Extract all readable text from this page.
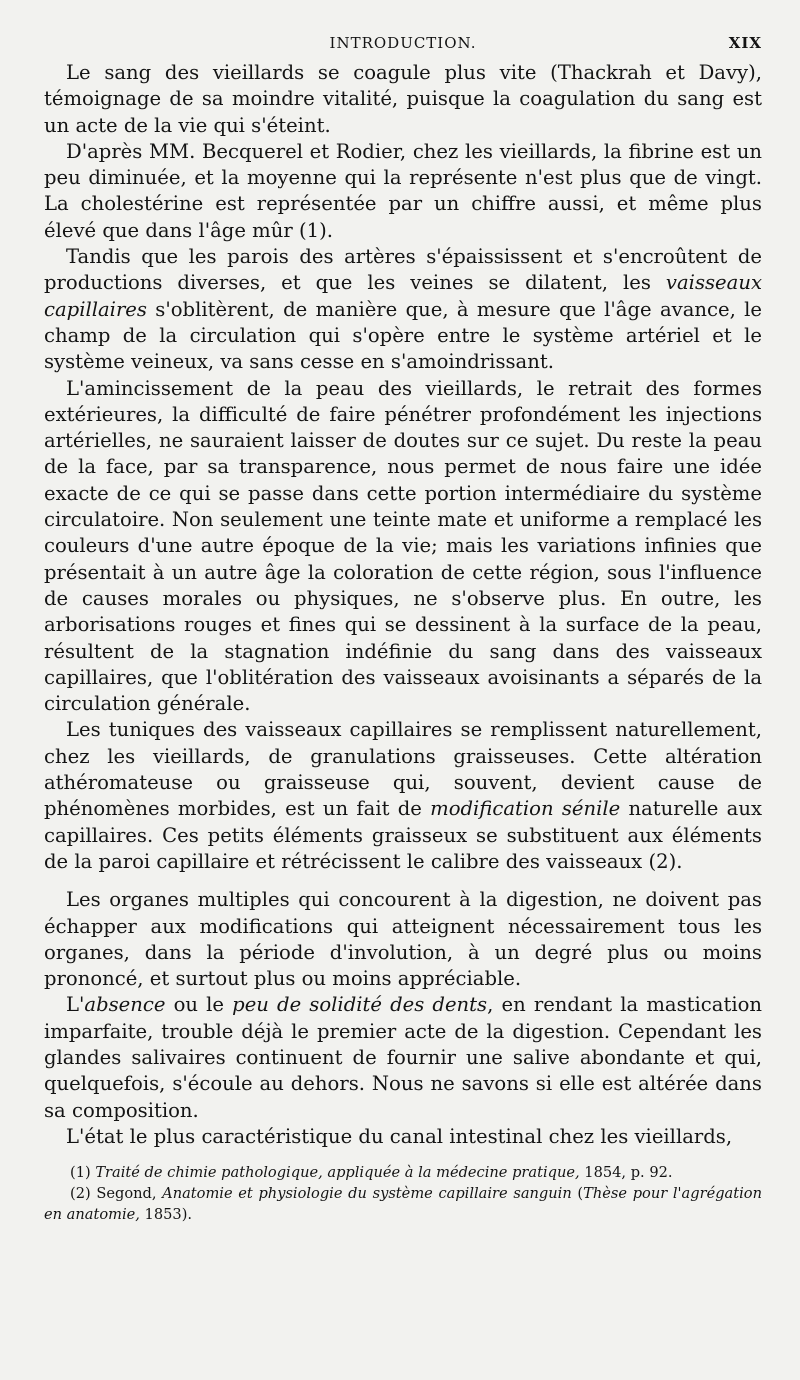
INTRODUCTION.	XIX

Le sang des vieillards se coagule plus vite (Thackrah et Davy), témoignage de sa moindre vitalité, puisque la coagulation du sang est un acte de la vie qui s'éteint.

D'après MM. Becquerel et Rodier, chez les vieillards, la fibrine est un peu diminuée, et la moyenne qui la représente n'est plus que de vingt. La cholestérine est représentée par un chiffre aussi, et même plus élevé que dans l'âge mûr (1).

Tandis que les parois des artères s'épaississent et s'encroûtent de productions diverses, et que les veines se dilatent, les vaisseaux capillaires s'oblitèrent, de manière que, à mesure que l'âge avance, le champ de la circulation qui s'opère entre le système artériel et le système veineux, va sans cesse en s'amoindrissant.

L'amincissement de la peau des vieillards, le retrait des formes extérieures, la difficulté de faire pénétrer profondément les injections artérielles, ne sauraient laisser de doutes sur ce sujet. Du reste la peau de la face, par sa transparence, nous permet de nous faire une idée exacte de ce qui se passe dans cette portion intermédiaire du système circulatoire. Non seulement une teinte mate et uniforme a remplacé les couleurs d'une autre époque de la vie; mais les variations infinies que présentait à un autre âge la coloration de cette région, sous l'influence de causes morales ou physiques, ne s'observe plus. En outre, les arborisations rouges et fines qui se dessinent à la surface de la peau, résultent de la stagnation indéfinie du sang dans des vaisseaux capillaires, que l'oblitération des vaisseaux avoisinants a séparés de la circulation générale.

Les tuniques des vaisseaux capillaires se remplissent naturellement, chez les vieillards, de granulations graisseuses. Cette altération athéromateuse ou graisseuse qui, souvent, devient cause de phénomènes morbides, est un fait de modification sénile naturelle aux capillaires. Ces petits éléments graisseux se substituent aux éléments de la paroi capillaire et rétrécissent le calibre des vaisseaux (2).

Les organes multiples qui concourent à la digestion, ne doivent pas échapper aux modifications qui atteignent nécessairement tous les organes, dans la période d'involution, à un degré plus ou moins prononcé, et surtout plus ou moins appréciable.

L'absence ou le peu de solidité des dents, en rendant la mastication imparfaite, trouble déjà le premier acte de la digestion. Cependant les glandes salivaires continuent de fournir une salive abondante et qui, quelquefois, s'écoule au dehors. Nous ne savons si elle est altérée dans sa composition.

L'état le plus caractéristique du canal intestinal chez les vieillards,

(1) Traité de chimie pathologique, appliquée à la médecine pratique, 1854, p. 92.

(2) Segond, Anatomie et physiologie du système capillaire sanguin (Thèse pour l'agrégation en anatomie, 1853).
